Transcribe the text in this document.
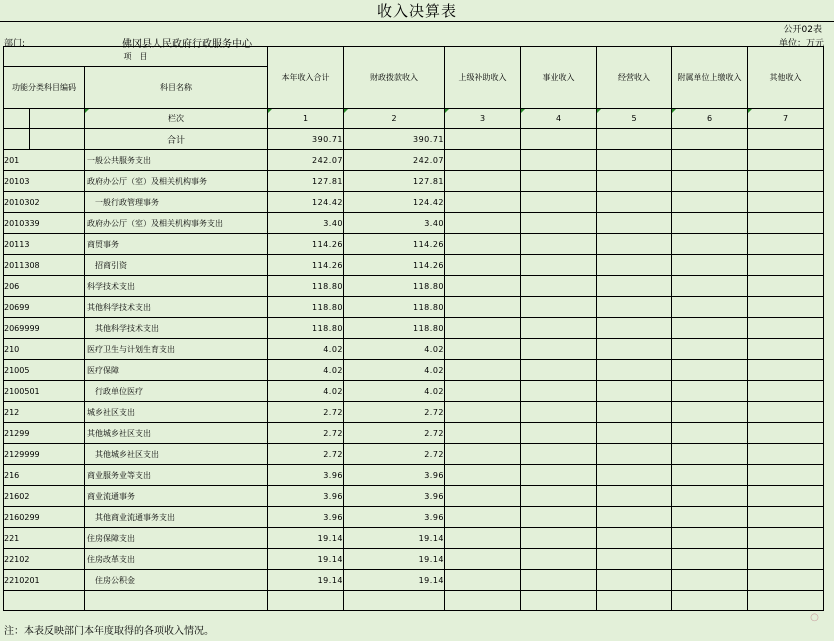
收入决算表
公开02表
部门:	佛冈县人民政府行政服务中心	单位：万元
项　目			本年收入合计	财政拨款收入	上级补助收入	事业收入	经营收入	附属单位上缴收入	其他收入
功能分类科目编码		科目名称							
		栏次	1	2	3	4	5	6	7
		合计	390.71	390.71					
201		一般公共服务支出	242.07	242.07					
20103		政府办公厅（室）及相关机构事务	127.81	127.81					
2010302		一般行政管理事务	124.42	124.42					
2010339		政府办公厅（室）及相关机构事务支出	3.40	3.40					
20113		商贸事务	114.26	114.26					
2011308		招商引资	114.26	114.26					
206		科学技术支出	118.80	118.80					
20699		其他科学技术支出	118.80	118.80					
2069999		其他科学技术支出	118.80	118.80					
210		医疗卫生与计划生育支出	4.02	4.02					
21005		医疗保障	4.02	4.02					
2100501		行政单位医疗	4.02	4.02					
212		城乡社区支出	2.72	2.72					
21299		其他城乡社区支出	2.72	2.72					
2129999		其他城乡社区支出	2.72	2.72					
216		商业服务业等支出	3.96	3.96					
21602		商业流通事务	3.96	3.96					
2160299		其他商业流通事务支出	3.96	3.96					
221		住房保障支出	19.14	19.14					
22102		住房改革支出	19.14	19.14					
2210201		住房公积金	19.14	19.14					

注：本表反映部门本年度取得的各项收入情况。
○
